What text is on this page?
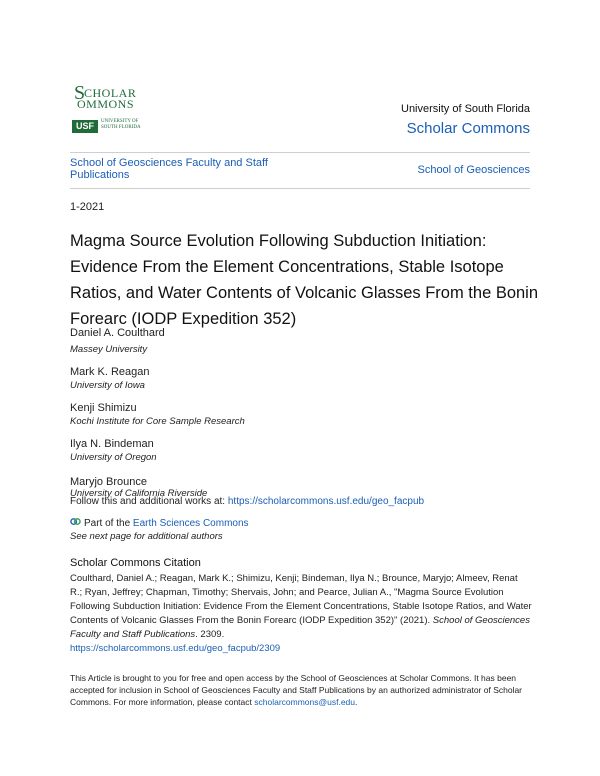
S
CHOLAR
OMMONS
USF	UNIVERSITY OF
SOUTH FLORIDA
University of South Florida
Scholar Commons
School of Geosciences Faculty and Staff Publications	School of Geosciences
1-2021
Magma Source Evolution Following Subduction Initiation: Evidence From the Element Concentrations, Stable Isotope Ratios, and Water Contents of Volcanic Glasses From the Bonin Forearc (IODP Expedition 352)
Daniel A. Coulthard
Massey University
Mark K. Reagan
University of Iowa
Kenji Shimizu
Kochi Institute for Core Sample Research
Ilya N. Bindeman
University of Oregon
Maryjo Brounce
University of California Riverside
Follow this and additional works at: https://scholarcommons.usf.edu/geo_facpub
Part of the Earth Sciences Commons
See next page for additional authors
Scholar Commons Citation
Coulthard, Daniel A.; Reagan, Mark K.; Shimizu, Kenji; Bindeman, Ilya N.; Brounce, Maryjo; Almeev, Renat R.; Ryan, Jeffrey; Chapman, Timothy; Shervais, John; and Pearce, Julian A., "Magma Source Evolution Following Subduction Initiation: Evidence From the Element Concentrations, Stable Isotope Ratios, and Water Contents of Volcanic Glasses From the Bonin Forearc (IODP Expedition 352)" (2021). School of Geosciences Faculty and Staff Publications. 2309.
https://scholarcommons.usf.edu/geo_facpub/2309
This Article is brought to you for free and open access by the School of Geosciences at Scholar Commons. It has been accepted for inclusion in School of Geosciences Faculty and Staff Publications by an authorized administrator of Scholar Commons. For more information, please contact scholarcommons@usf.edu.
